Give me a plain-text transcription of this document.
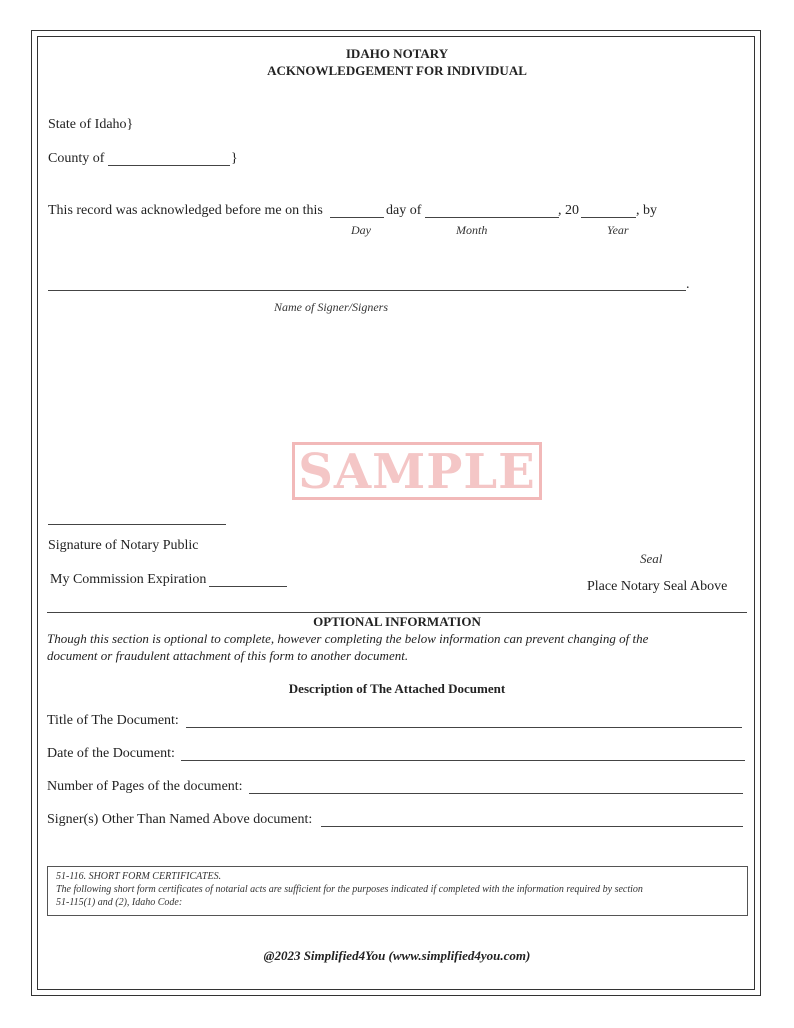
IDAHO NOTARY
ACKNOWLEDGEMENT FOR INDIVIDUAL
State of Idaho}
County of	}
This record was acknowledged before me on this	day of	, 20	, by
Day	Month	Year
.
Name of Signer/Signers
SAMPLE
Signature of Notary Public
My Commission Expiration
Seal
Place Notary Seal Above
OPTIONAL INFORMATION
Though this section is optional to complete, however completing the below information can prevent changing of the
document or fraudulent attachment of this form to another document.
Description of The Attached Document
Title of The Document:
Date of the Document:
Number of Pages of the document:
Signer(s) Other Than Named Above document:
51-116. SHORT FORM CERTIFICATES.
The following short form certificates of notarial acts are sufficient for the purposes indicated if completed with the information required by section
51-115(1) and (2), Idaho Code:
@2023 Simplified4You (www.simplified4you.com)
